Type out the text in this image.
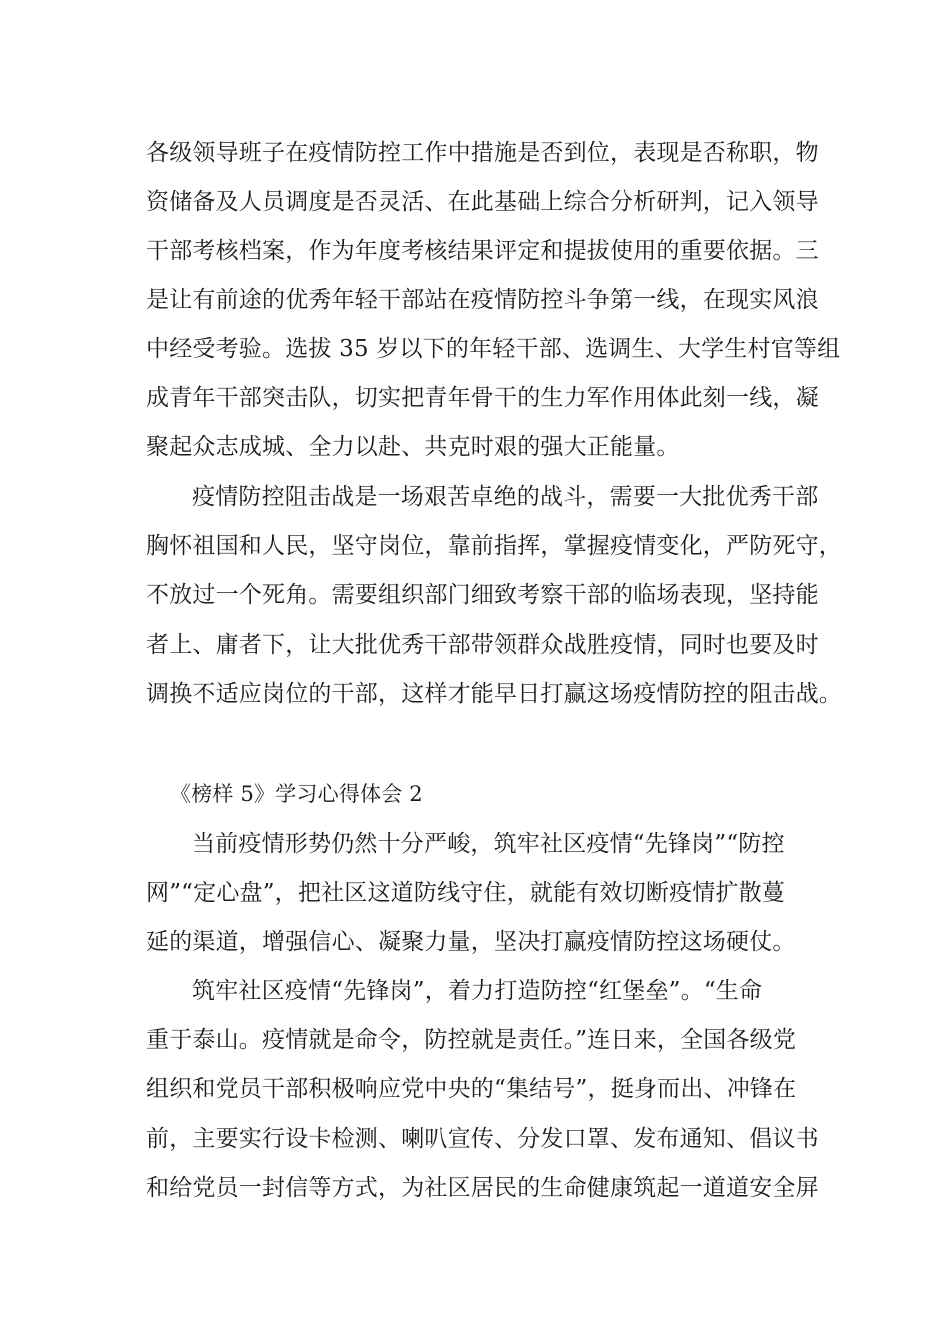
各级领导班子在疫情防控工作中措施是否到位，表现是否称职，物
资储备及人员调度是否灵活、在此基础上综合分析研判，记入领导
干部考核档案，作为年度考核结果评定和提拔使用的重要依据。三
是让有前途的优秀年轻干部站在疫情防控斗争第一线，在现实风浪
中经受考验。选拔 35 岁以下的年轻干部、选调生、大学生村官等组
成青年干部突击队，切实把青年骨干的生力军作用体此刻一线，凝
聚起众志成城、全力以赴、共克时艰的强大正能量。
疫情防控阻击战是一场艰苦卓绝的战斗，需要一大批优秀干部
胸怀祖国和人民，坚守岗位，靠前指挥，掌握疫情变化，严防死守，
不放过一个死角。需要组织部门细致考察干部的临场表现，坚持能
者上、庸者下，让大批优秀干部带领群众战胜疫情，同时也要及时
调换不适应岗位的干部，这样才能早日打赢这场疫情防控的阻击战。
《榜样 5》学习心得体会 2
当前疫情形势仍然十分严峻，筑牢社区疫情“先锋岗”“防控
网”“定心盘”，把社区这道防线守住，就能有效切断疫情扩散蔓
延的渠道，增强信心、凝聚力量，坚决打赢疫情防控这场硬仗。
筑牢社区疫情“先锋岗”，着力打造防控“红堡垒”。“生命
重于泰山。疫情就是命令，防控就是责任。”连日来，全国各级党
组织和党员干部积极响应党中央的“集结号”，挺身而出、冲锋在
前，主要实行设卡检测、喇叭宣传、分发口罩、发布通知、倡议书
和给党员一封信等方式，为社区居民的生命健康筑起一道道安全屏
